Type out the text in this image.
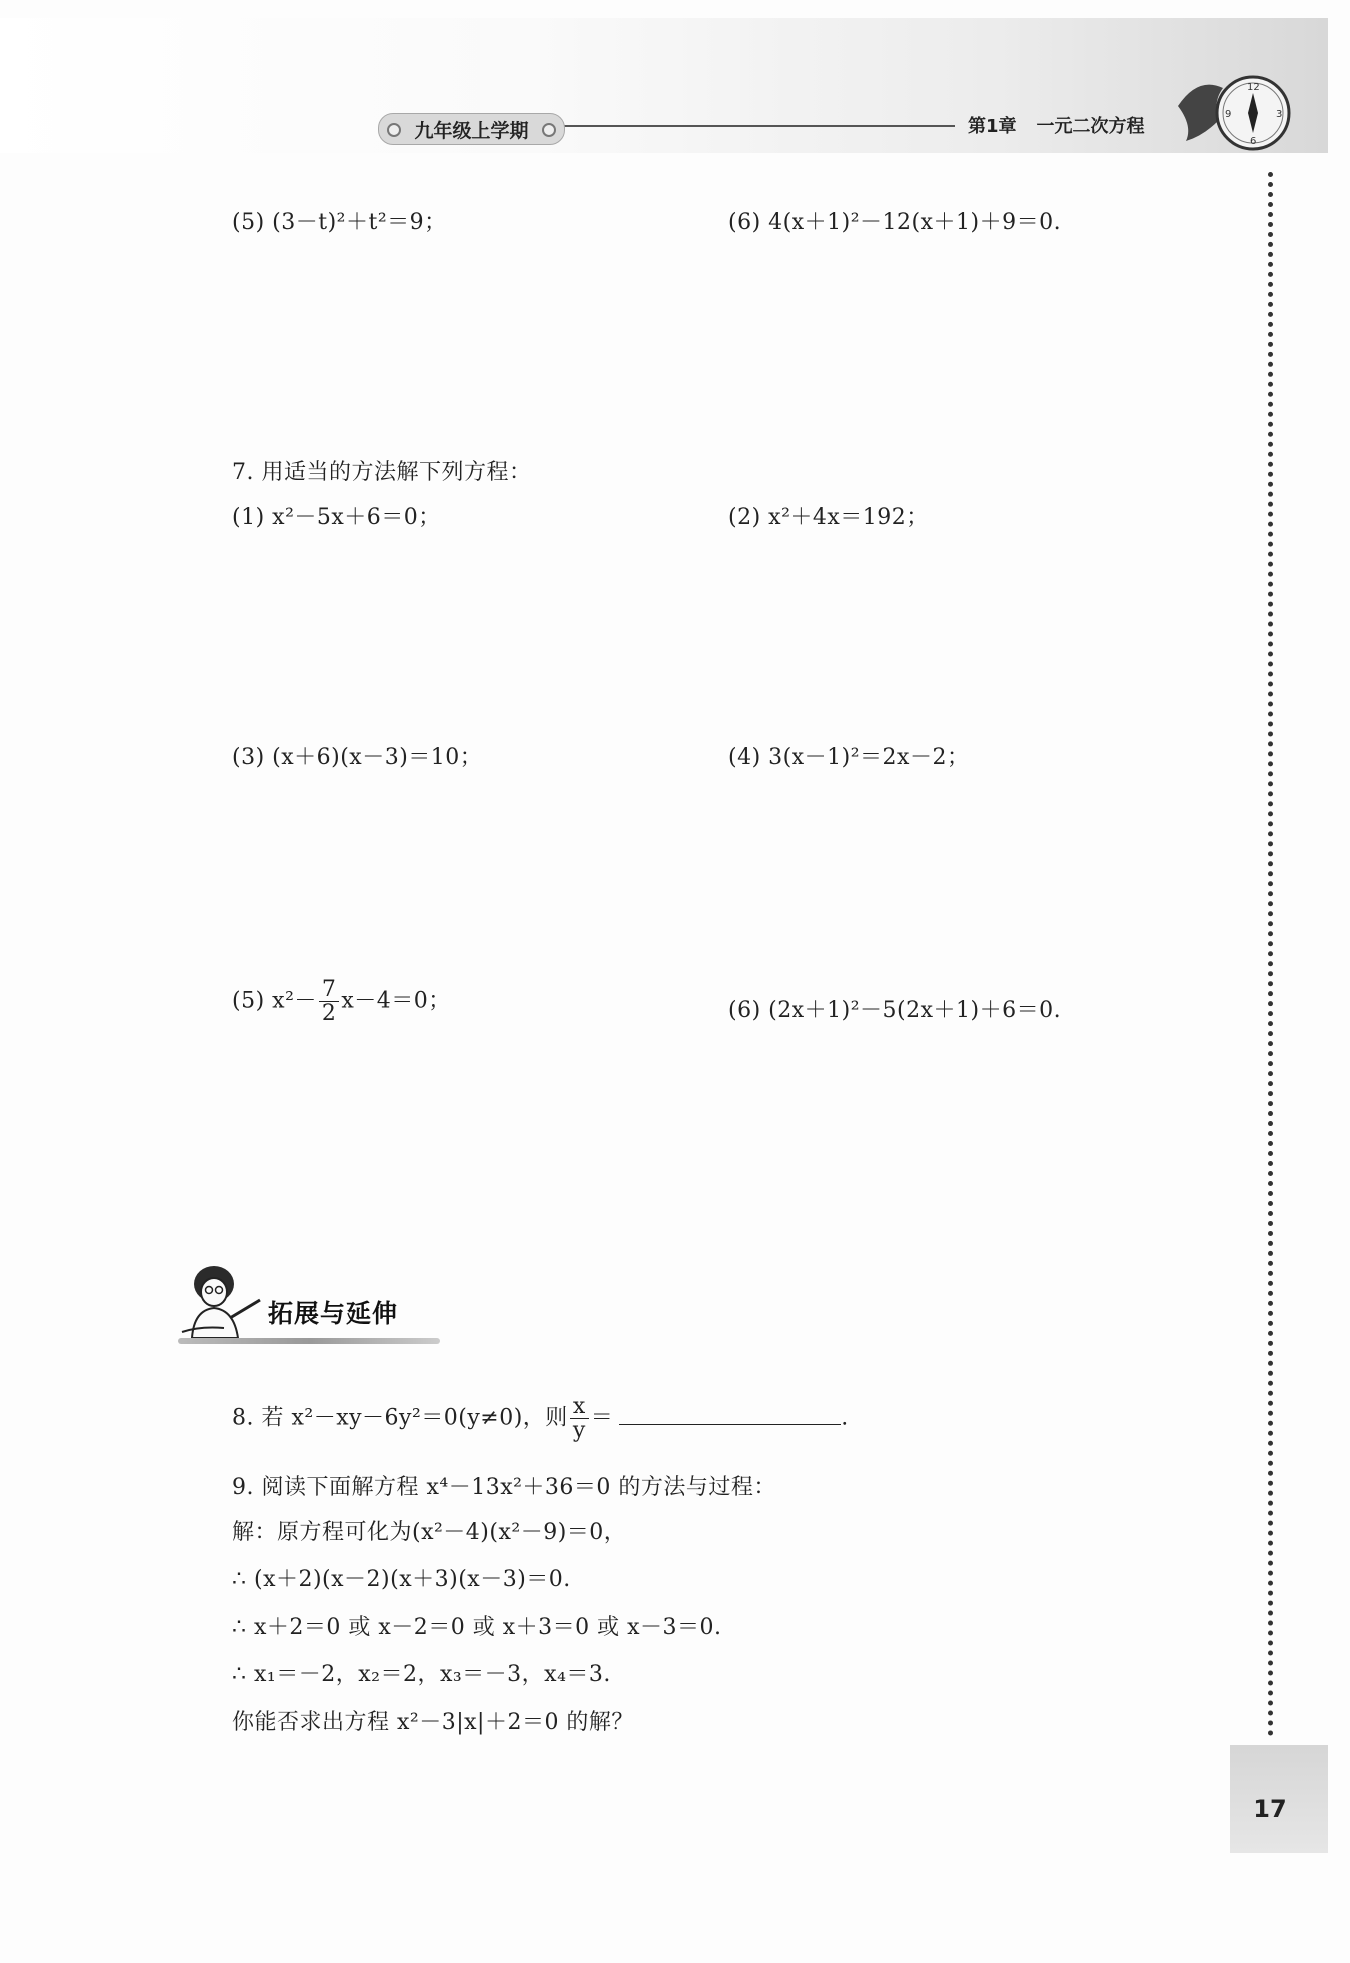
九年级上学期	第1章 一元二次方程
12
3
6
9
(5) (3－t)²＋t²＝9；	(6) 4(x＋1)²－12(x＋1)＋9＝0.
7. 用适当的方法解下列方程：
(1) x²－5x＋6＝0；	(2) x²＋4x＝192；
(3) (x＋6)(x－3)＝10；	(4) 3(x－1)²＝2x－2；
(5) $x^2- \frac{7}{2} x-4=0$；	(6) (2x＋1)²－5(2x＋1)＋6＝0.
拓展与延伸
8. 若 x²－xy－6y²＝0(y≠0)，则 $\frac{x}{y}$ ＝	.
9. 阅读下面解方程 x⁴－13x²＋36＝0 的方法与过程：
解：原方程可化为(x²－4)(x²－9)＝0，
∴ (x＋2)(x－2)(x＋3)(x－3)＝0.
∴ x＋2＝0 或 x－2＝0 或 x＋3＝0 或 x－3＝0.
∴ x₁＝－2，x₂＝2，x₃＝－3，x₄＝3.
你能否求出方程 x²－3|x|＋2＝0 的解？
17
